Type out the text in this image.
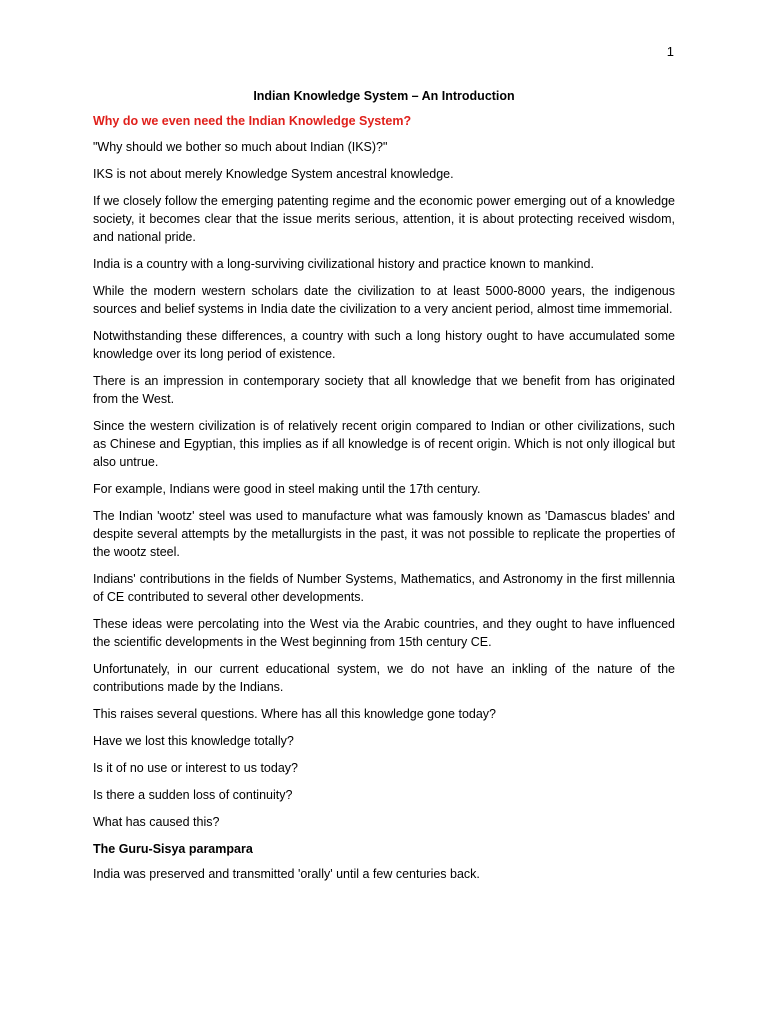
1
Indian Knowledge System – An Introduction
Why do we even need the Indian Knowledge System?

"Why should we bother so much about Indian (IKS)?"

IKS is not about merely Knowledge System ancestral knowledge.

If we closely follow the emerging patenting regime and the economic power emerging out of a knowledge society, it becomes clear that the issue merits serious, attention, it is about protecting received wisdom, and national pride.

India is a country with a long-surviving civilizational history and practice known to mankind.

While the modern western scholars date the civilization to at least 5000-8000 years, the indigenous sources and belief systems in India date the civilization to a very ancient period, almost time immemorial.

Notwithstanding these differences, a country with such a long history ought to have accumulated some knowledge over its long period of existence.

There is an impression in contemporary society that all knowledge that we benefit from has originated from the West.

Since the western civilization is of relatively recent origin compared to Indian or other civilizations, such as Chinese and Egyptian, this implies as if all knowledge is of recent origin. Which is not only illogical but also untrue.

For example, Indians were good in steel making until the 17th century.

The Indian 'wootz' steel was used to manufacture what was famously known as 'Damascus blades' and despite several attempts by the metallurgists in the past, it was not possible to replicate the properties of the wootz steel.

Indians' contributions in the fields of Number Systems, Mathematics, and Astronomy in the first millennia of CE contributed to several other developments.

These ideas were percolating into the West via the Arabic countries, and they ought to have influenced the scientific developments in the West beginning from 15th century CE.

Unfortunately, in our current educational system, we do not have an inkling of the nature of the contributions made by the Indians.

This raises several questions. Where has all this knowledge gone today?

Have we lost this knowledge totally?

Is it of no use or interest to us today?

Is there a sudden loss of continuity?

What has caused this?

The Guru-Sisya parampara

India was preserved and transmitted 'orally' until a few centuries back.
